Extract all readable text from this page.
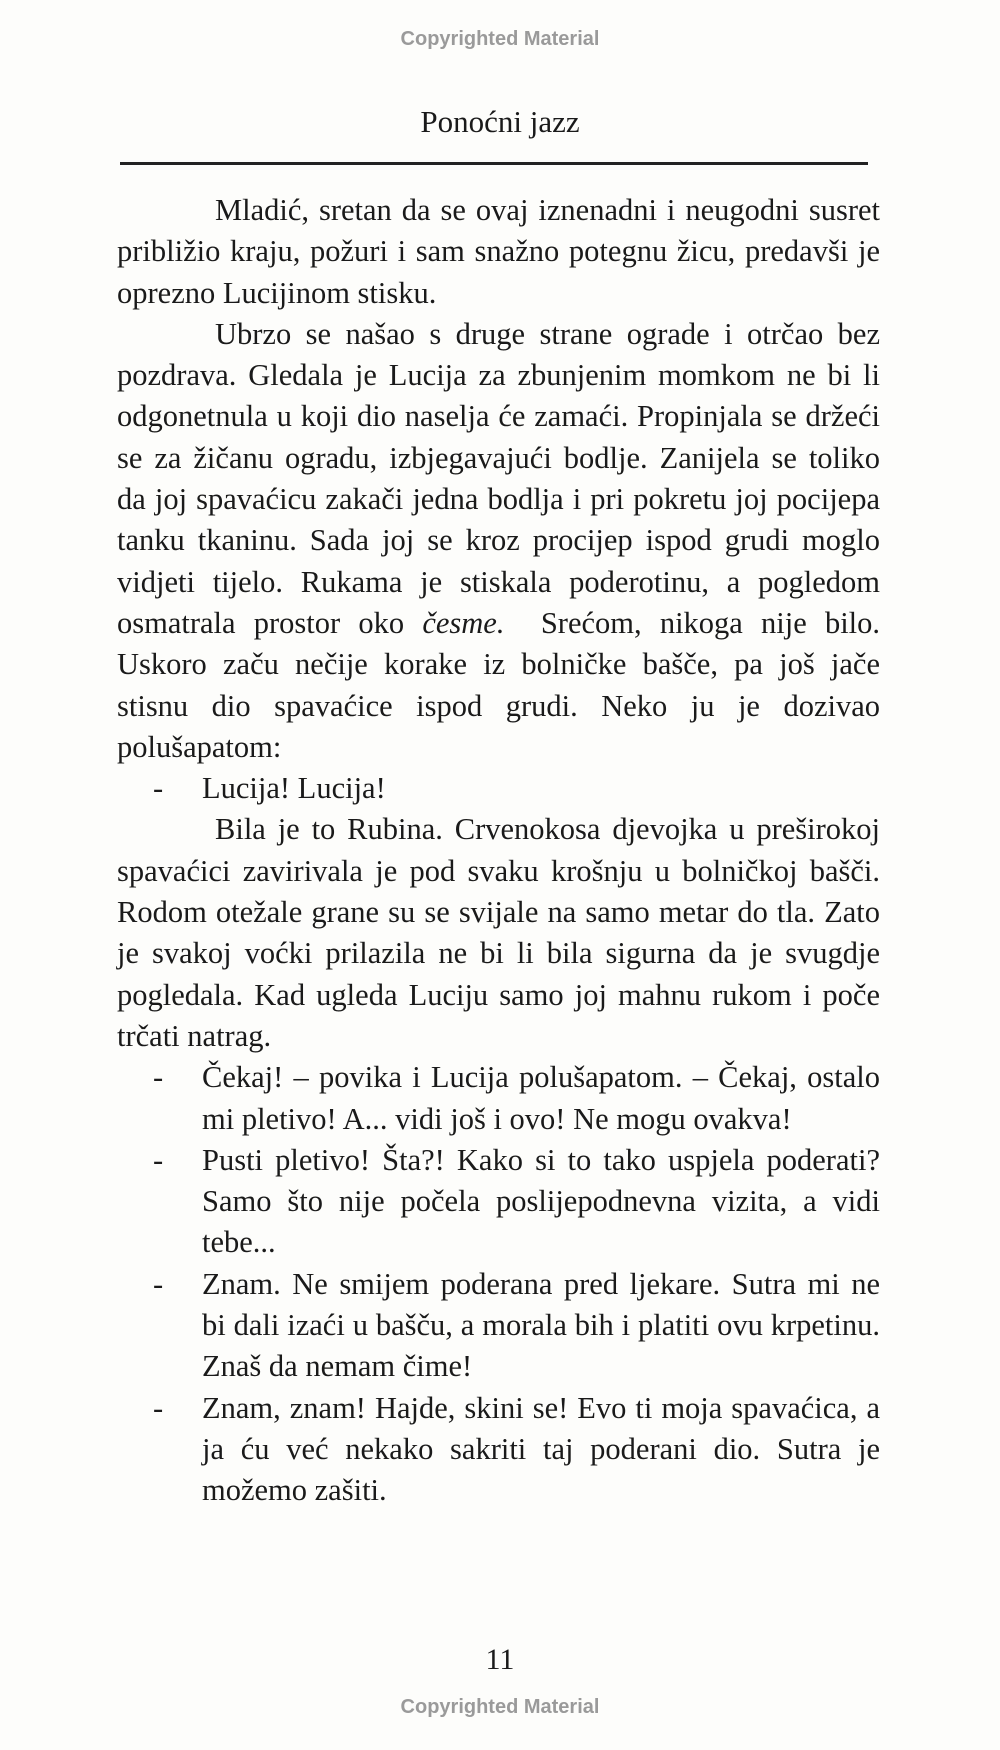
Copyrighted Material
Ponoćni jazz

Mladić, sretan da se ovaj iznenadni i neugodni susret približio kraju, požuri i sam snažno potegnu žicu, predavši je oprezno Lucijinom stisku.

Ubrzo se našao s druge strane ograde i otrčao bez pozdrava. Gledala je Lucija za zbunjenim momkom ne bi li odgonetnula u koji dio naselja će zamaći. Propinjala se držeći se za žičanu ogradu, izbjegavajući bodlje. Zanijela se toliko da joj spavaćicu zakači jedna bodlja i pri pokretu joj pocijepa tanku tkaninu. Sada joj se kroz procijep ispod grudi moglo vidjeti tijelo. Rukama je stiskala poderotinu, a pogledom osmatrala prostor oko česme. Srećom, nikoga nije bilo. Uskoro začu nečije korake iz bolničke bašče, pa još jače stisnu dio spavaćice ispod grudi. Neko ju je dozivao polušapatom:

- Lucija! Lucija!

Bila je to Rubina. Crvenokosa djevojka u preširokoj spavaćici zavirivala je pod svaku krošnju u bolničkoj bašči. Rodom otežale grane su se svijale na samo metar do tla. Zato je svakoj voćki prilazila ne bi li bila sigurna da je svugdje pogledala. Kad ugleda Luciju samo joj mahnu rukom i poče trčati natrag.

- Čekaj! – povika i Lucija polušapatom. – Čekaj, ostalo mi pletivo! A... vidi još i ovo! Ne mogu ovakva!
- Pusti pletivo! Šta?! Kako si to tako uspjela poderati? Samo što nije počela poslijepodnevna vizita, a vidi tebe...
- Znam. Ne smijem poderana pred ljekare. Sutra mi ne bi dali izaći u bašču, a morala bih i platiti ovu krpetinu. Znaš da nemam čime!
- Znam, znam! Hajde, skini se! Evo ti moja spavaćica, a ja ću već nekako sakriti taj poderani dio. Sutra je možemo zašiti.
11
Copyrighted Material
